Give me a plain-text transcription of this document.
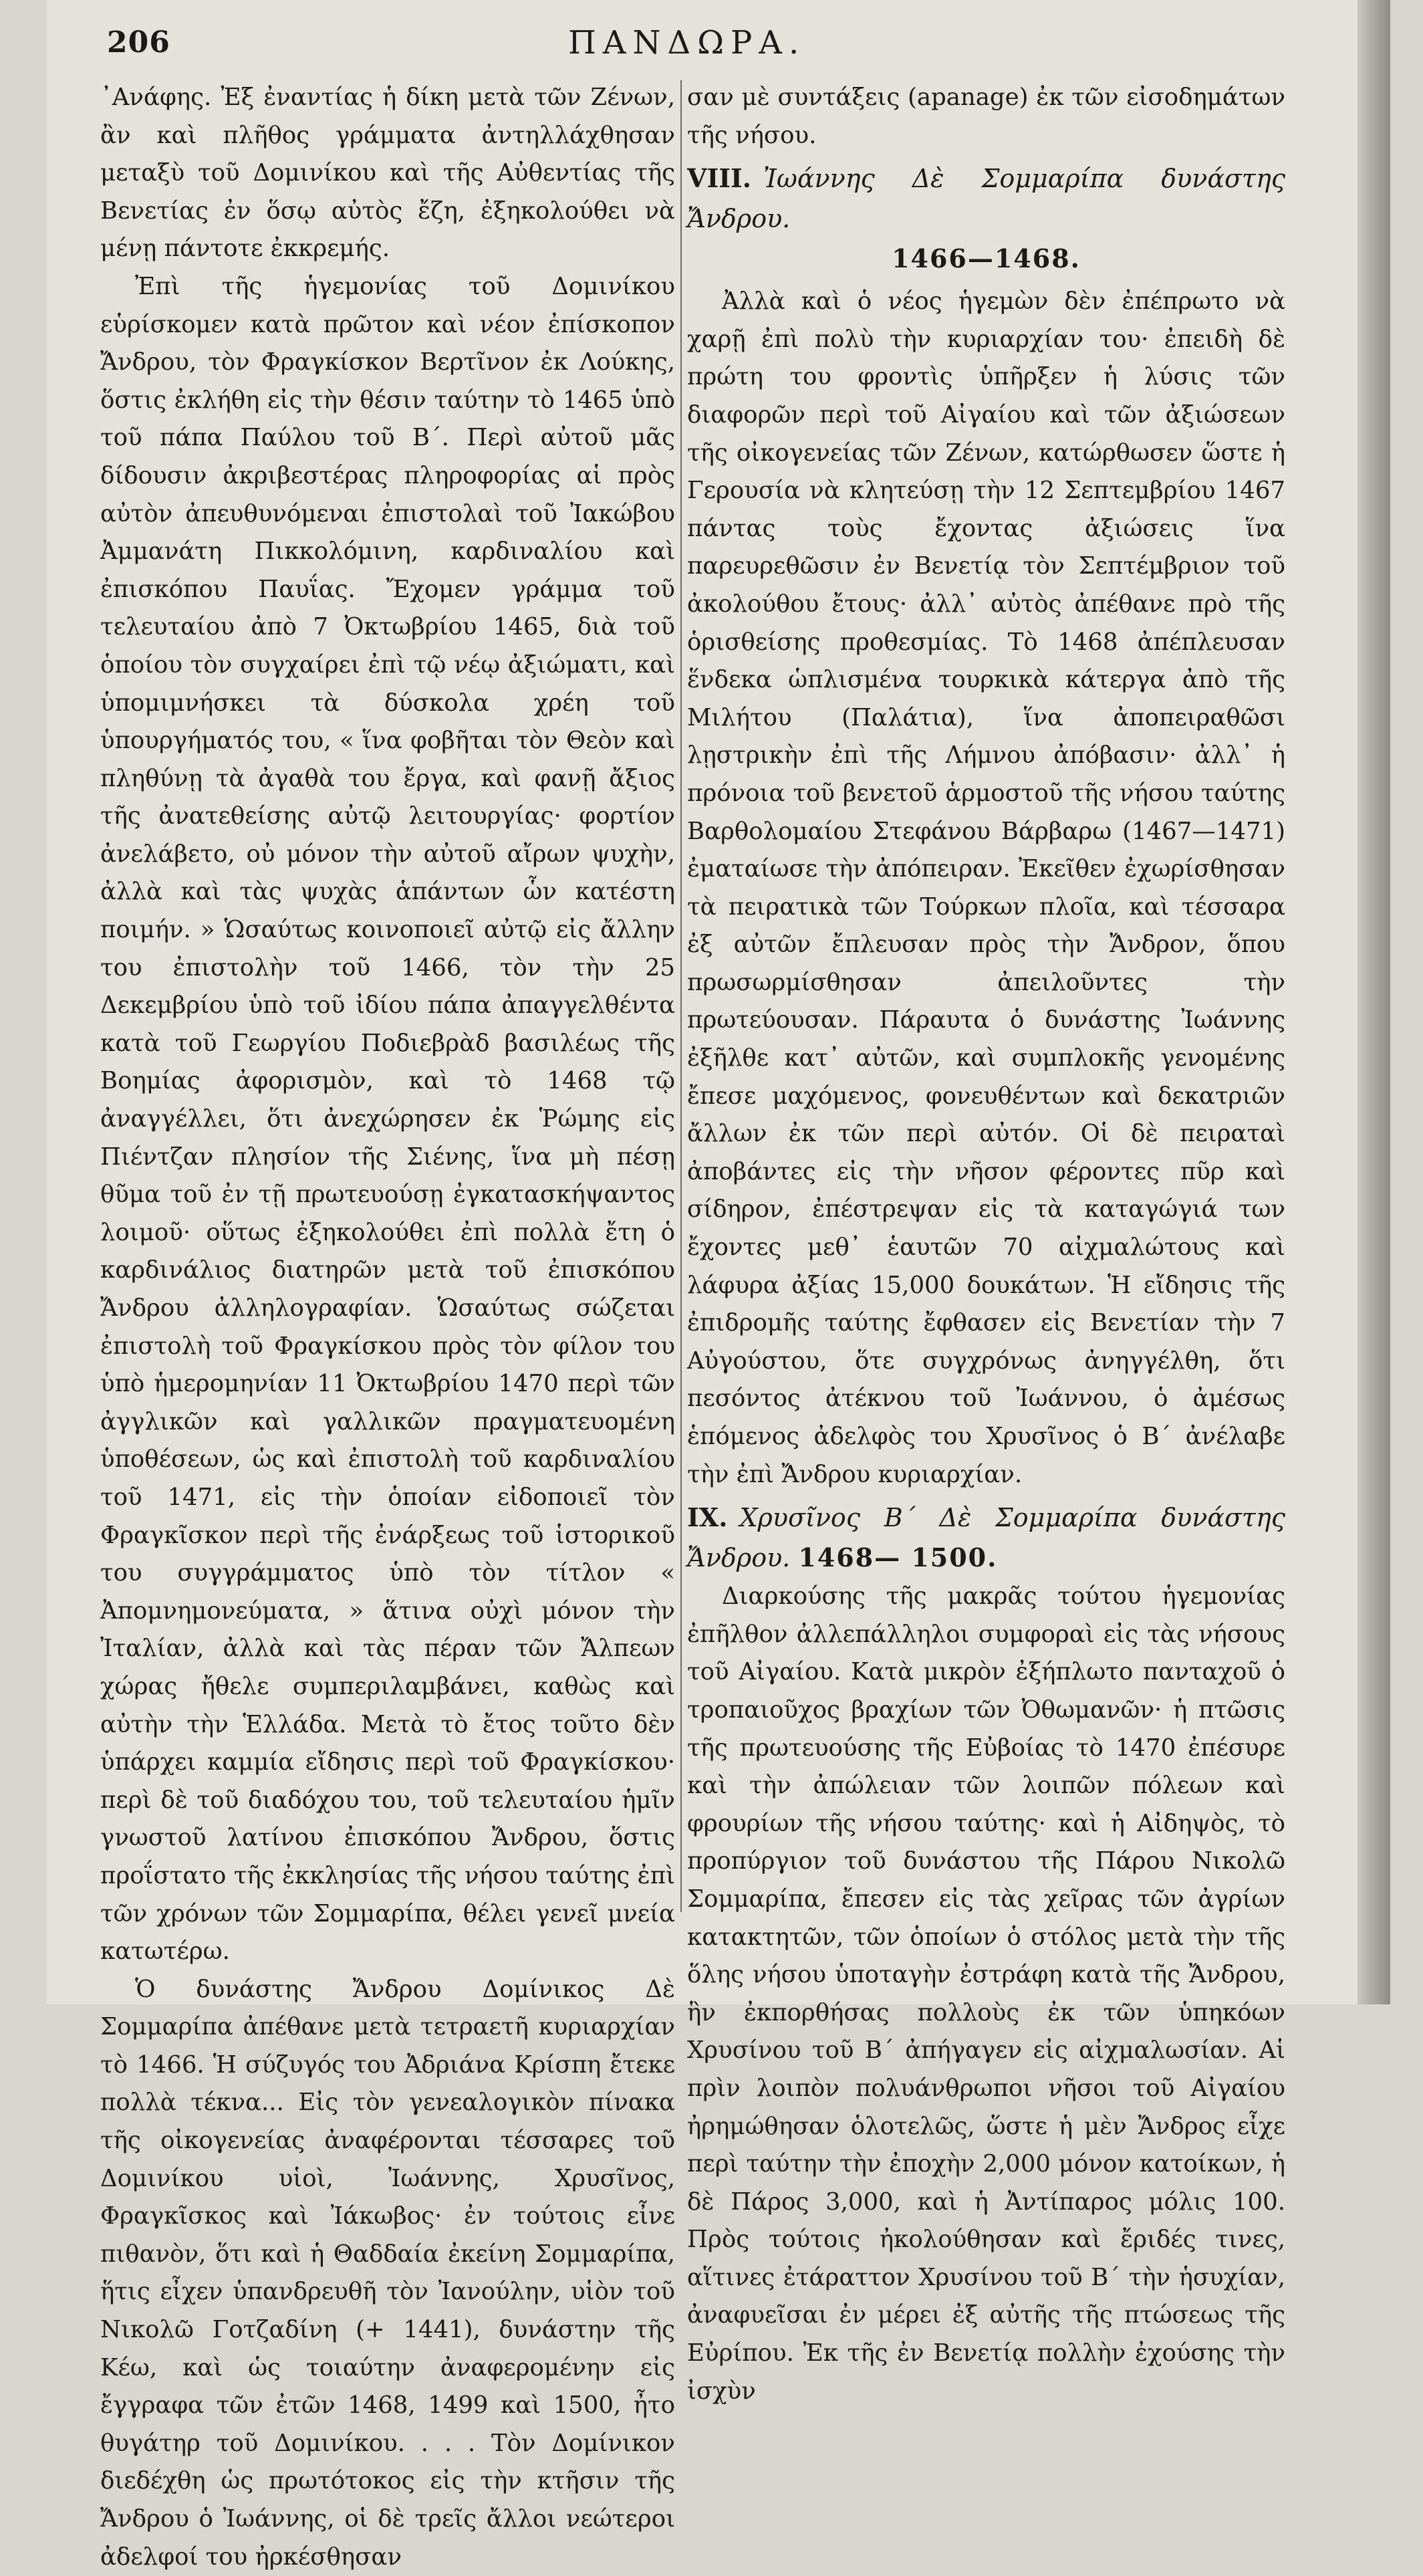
206	ΠΑΝΔΩΡΑ.

᾿Ανάφης. Ἐξ ἐναντίας ἡ δίκη μετὰ τῶν Ζένων, ἂν καὶ πλῆθος γράμματα ἀντηλλάχθησαν μεταξὺ τοῦ Δομινίκου καὶ τῆς Αὐθεντίας τῆς Βενετίας ἐν ὅσῳ αὐτὸς ἔζη, ἐξηκολούθει νὰ μένῃ πάντοτε ἐκκρεμής.

Ἐπὶ τῆς ἡγεμονίας τοῦ Δομινίκου εὑρίσκομεν κατὰ πρῶτον καὶ νέον ἐπίσκοπον Ἄνδρου, τὸν Φραγκίσκον Βερτῖνον ἐκ Λούκης, ὅστις ἐκλήθη εἰς τὴν θέσιν ταύτην τὸ 1465 ὑπὸ τοῦ πάπα Παύλου τοῦ Β΄. Περὶ αὐτοῦ μᾶς δίδουσιν ἀκριβεστέρας πληροφορίας αἱ πρὸς αὐτὸν ἀπευθυνόμεναι ἐπιστολαὶ τοῦ Ἰακώβου Ἀμμανάτη Πικκολόμινη, καρδιναλίου καὶ ἐπισκόπου Παυΐας. Ἔχομεν γράμμα τοῦ τελευταίου ἀπὸ 7 Ὀκτωβρίου 1465, διὰ τοῦ ὁποίου τὸν συγχαίρει ἐπὶ τῷ νέῳ ἀξιώματι, καὶ ὑπομιμνήσκει τὰ δύσκολα χρέη τοῦ ὑπουργήματός του, « ἵνα φοβῆται τὸν Θεὸν καὶ πληθύνῃ τὰ ἀγαθὰ του ἔργα, καὶ φανῇ ἄξιος τῆς ἀνατεθείσης αὐτῷ λειτουργίας· φορτίον ἀνελάβετο, οὐ μόνον τὴν αὐτοῦ αἴρων ψυχὴν, ἀλλὰ καὶ τὰς ψυχὰς ἁπάντων ὧν κατέστη ποιμήν. » Ὡσαύτως κοινοποιεῖ αὐτῷ εἰς ἄλλην του ἐπιστολὴν τοῦ 1466, τὸν τὴν 25 Δεκεμβρίου ὑπὸ τοῦ ἰδίου πάπα ἀπαγγελθέντα κατὰ τοῦ Γεωργίου Ποδιεβρὰδ βασιλέως τῆς Βοημίας ἀφορισμὸν, καὶ τὸ 1468 τῷ ἀναγγέλλει, ὅτι ἀνεχώρησεν ἐκ Ῥώμης εἰς Πιέντζαν πλησίον τῆς Σιένης, ἵνα μὴ πέσῃ θῦμα τοῦ ἐν τῇ πρωτευούσῃ ἐγκατασκήψαντος λοιμοῦ· οὕτως ἐξηκολούθει ἐπὶ πολλὰ ἔτη ὁ καρδινάλιος διατηρῶν μετὰ τοῦ ἐπισκόπου Ἄνδρου ἀλληλογραφίαν. Ὡσαύτως σώζεται ἐπιστολὴ τοῦ Φραγκίσκου πρὸς τὸν φίλον του ὑπὸ ἡμερομηνίαν 11 Ὀκτωβρίου 1470 περὶ τῶν ἀγγλικῶν καὶ γαλλικῶν πραγματευομένη ὑποθέσεων, ὡς καὶ ἐπιστολὴ τοῦ καρδιναλίου τοῦ 1471, εἰς τὴν ὁποίαν εἰδοποιεῖ τὸν Φραγκῖσκον περὶ τῆς ἐνάρξεως τοῦ ἱστορικοῦ του συγγράμματος ὑπὸ τὸν τίτλον « Ἀπομνημονεύματα, » ἅτινα οὐχὶ μόνον τὴν Ἰταλίαν, ἀλλὰ καὶ τὰς πέραν τῶν Ἄλπεων χώρας ἤθελε συμπεριλαμβάνει, καθὼς καὶ αὐτὴν τὴν Ἑλλάδα. Μετὰ τὸ ἔτος τοῦτο δὲν ὑπάρχει καμμία εἴδησις περὶ τοῦ Φραγκίσκου· περὶ δὲ τοῦ διαδόχου του, τοῦ τελευταίου ἡμῖν γνωστοῦ λατίνου ἐπισκόπου Ἄνδρου, ὅστις προΐστατο τῆς ἐκκλησίας τῆς νήσου ταύτης ἐπὶ τῶν χρόνων τῶν Σομμαρίπα, θέλει γενεῖ μνεία κατωτέρω.

Ὁ δυνάστης Ἄνδρου Δομίνικος Δὲ Σομμαρίπα ἀπέθανε μετὰ τετραετῆ κυριαρχίαν τὸ 1466. Ἡ σύζυγός του Ἀδριάνα Κρίσπη ἔτεκε πολλὰ τέκνα... Εἰς τὸν γενεαλογικὸν πίνακα τῆς οἰκογενείας ἀναφέρονται τέσσαρες τοῦ Δομινίκου υἱοὶ, Ἰωάννης, Χρυσῖνος, Φραγκῖσκος καὶ Ἰάκωβος· ἐν τούτοις εἶνε πιθανὸν, ὅτι καὶ ἡ Θαδδαία ἐκείνη Σομμαρίπα, ἥτις εἶχεν ὑπανδρευθῆ τὸν Ἰανούλην, υἱὸν τοῦ Νικολῶ Γοτζαδίνη (+ 1441), δυνάστην τῆς Κέω, καὶ ὡς τοιαύτην ἀναφερομένην εἰς ἔγγραφα τῶν ἐτῶν 1468, 1499 καὶ 1500, ἦτο θυγάτηρ τοῦ Δομινίκου. . . . Τὸν Δομίνικον διεδέχθη ὡς πρωτότοκος εἰς τὴν κτῆσιν τῆς Ἄνδρου ὁ Ἰωάννης, οἱ δὲ τρεῖς ἄλλοι νεώτεροι ἀδελφοί του ἠρκέσθησαν

σαν μὲ συντάξεις (apanage) ἐκ τῶν εἰσοδημάτων τῆς νήσου.

VIII. Ἰωάννης Δὲ Σομμαρίπα δυνάστης Ἄνδρου.
1466—1468.

Ἀλλὰ καὶ ὁ νέος ἡγεμὼν δὲν ἐπέπρωτο νὰ χαρῇ ἐπὶ πολὺ τὴν κυριαρχίαν του· ἐπειδὴ δὲ πρώτη του φροντὶς ὑπῆρξεν ἡ λύσις τῶν διαφορῶν περὶ τοῦ Αἰγαίου καὶ τῶν ἀξιώσεων τῆς οἰκογενείας τῶν Ζένων, κατώρθωσεν ὥστε ἡ Γερουσία νὰ κλητεύσῃ τὴν 12 Σεπτεμβρίου 1467 πάντας τοὺς ἔχοντας ἀξιώσεις ἵνα παρευρεθῶσιν ἐν Βενετίᾳ τὸν Σεπτέμβριον τοῦ ἀκολούθου ἔτους· ἀλλ᾿ αὐτὸς ἀπέθανε πρὸ τῆς ὁρισθείσης προθεσμίας. Τὸ 1468 ἀπέπλευσαν ἕνδεκα ὡπλισμένα τουρκικὰ κάτεργα ἀπὸ τῆς Μιλήτου (Παλάτια), ἵνα ἀποπειραθῶσι λῃστρικὴν ἐπὶ τῆς Λήμνου ἀπόβασιν· ἀλλ᾿ ἡ πρόνοια τοῦ βενετοῦ ἁρμοστοῦ τῆς νήσου ταύτης Βαρθολομαίου Στεφάνου Βάρβαρω (1467—1471) ἐματαίωσε τὴν ἀπόπειραν. Ἐκεῖθεν ἐχωρίσθησαν τὰ πειρατικὰ τῶν Τούρκων πλοῖα, καὶ τέσσαρα ἐξ αὐτῶν ἔπλευσαν πρὸς τὴν Ἄνδρον, ὅπου πρωσωρμίσθησαν ἀπειλοῦντες τὴν πρωτεύουσαν. Πάραυτα ὁ δυνάστης Ἰωάννης ἐξῆλθε κατ᾿ αὐτῶν, καὶ συμπλοκῆς γενομένης ἔπεσε μαχόμενος, φονευθέντων καὶ δεκατριῶν ἄλλων ἐκ τῶν περὶ αὐτόν. Οἱ δὲ πειραταὶ ἀποβάντες εἰς τὴν νῆσον φέροντες πῦρ καὶ σίδηρον, ἐπέστρεψαν εἰς τὰ καταγώγιά των ἔχοντες μεθ᾿ ἑαυτῶν 70 αἰχμαλώτους καὶ λάφυρα ἀξίας 15,000 δουκάτων. Ἡ εἴδησις τῆς ἐπιδρομῆς ταύτης ἔφθασεν εἰς Βενετίαν τὴν 7 Αὐγούστου, ὅτε συγχρόνως ἀνηγγέλθη, ὅτι πεσόντος ἀτέκνου τοῦ Ἰωάννου, ὁ ἀμέσως ἑπόμενος ἀδελφὸς του Χρυσῖνος ὁ Β΄ ἀνέλαβε τὴν ἐπὶ Ἄνδρου κυριαρχίαν.

IX. Χρυσῖνος Β΄ Δὲ Σομμαρίπα δυνάστης Ἄνδρου. 1468— 1500.

Διαρκούσης τῆς μακρᾶς τούτου ἡγεμονίας ἐπῆλθον ἀλλεπάλληλοι συμφοραὶ εἰς τὰς νήσους τοῦ Αἰγαίου. Κατὰ μικρὸν ἐξήπλωτο πανταχοῦ ὁ τροπαιοῦχος βραχίων τῶν Ὀθωμανῶν· ἡ πτῶσις τῆς πρωτευούσης τῆς Εὐβοίας τὸ 1470 ἐπέσυρε καὶ τὴν ἀπώλειαν τῶν λοιπῶν πόλεων καὶ φρουρίων τῆς νήσου ταύτης· καὶ ἡ Αἰδηψὸς, τὸ προπύργιον τοῦ δυνάστου τῆς Πάρου Νικολῶ Σομμαρίπα, ἔπεσεν εἰς τὰς χεῖρας τῶν ἀγρίων κατακτητῶν, τῶν ὁποίων ὁ στόλος μετὰ τὴν τῆς ὅλης νήσου ὑποταγὴν ἐστράφη κατὰ τῆς Ἄνδρου, ἣν ἐκπορθήσας πολλοὺς ἐκ τῶν ὑπηκόων Χρυσίνου τοῦ Β΄ ἀπήγαγεν εἰς αἰχμαλωσίαν. Αἱ πρὶν λοιπὸν πολυάνθρωποι νῆσοι τοῦ Αἰγαίου ἠρημώθησαν ὁλοτελῶς, ὥστε ἡ μὲν Ἄνδρος εἶχε περὶ ταύτην τὴν ἐποχὴν 2,000 μόνον κατοίκων, ἡ δὲ Πάρος 3,000, καὶ ἡ Ἀντίπαρος μόλις 100. Πρὸς τούτοις ἠκολούθησαν καὶ ἔριδές τινες, αἵτινες ἐτάραττον Χρυσίνου τοῦ Β΄ τὴν ἡσυχίαν, ἀναφυεῖσαι ἐν μέρει ἐξ αὐτῆς τῆς πτώσεως τῆς Εὐρίπου. Ἐκ τῆς ἐν Βενετίᾳ πολλὴν ἐχούσης τὴν ἰσχὺν
